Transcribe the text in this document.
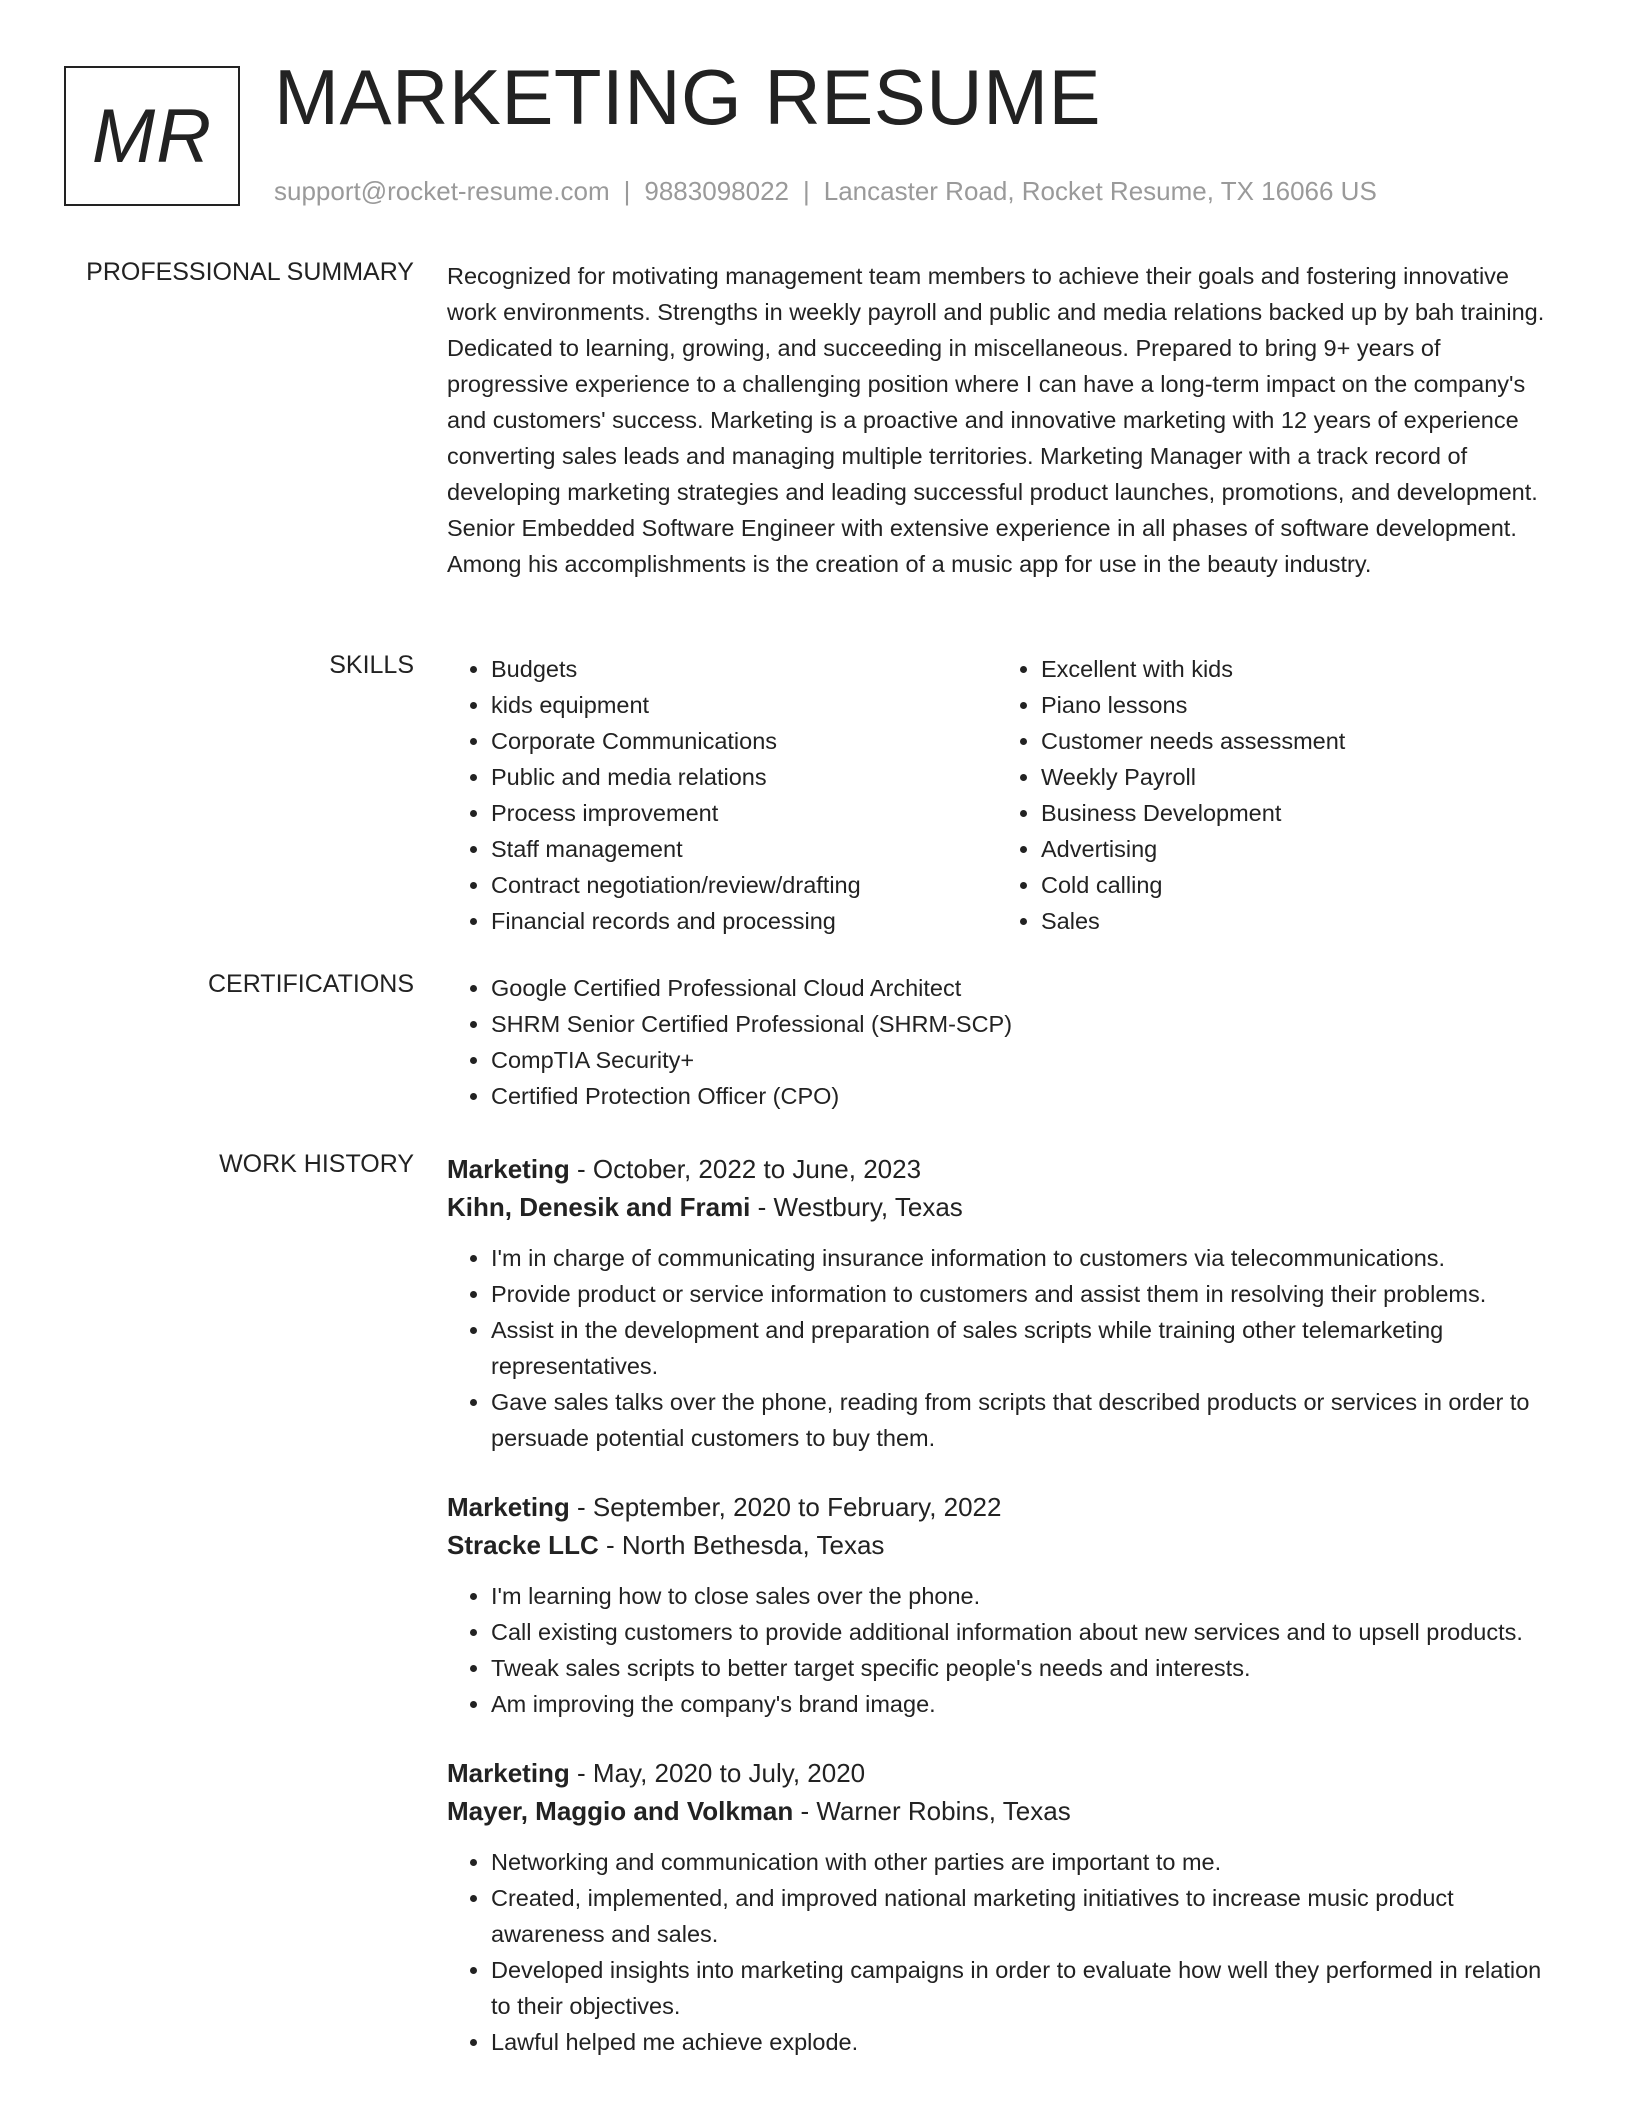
MR MARKETING RESUME
support@rocket-resume.com | 9883098022 | Lancaster Road, Rocket Resume, TX 16066 US
PROFESSIONAL SUMMARY Recognized for motivating management team members to achieve their goals and fostering innovative work environments. Strengths in weekly payroll and public and media relations backed up by bah training. Dedicated to learning, growing, and succeeding in miscellaneous. Prepared to bring 9+ years of progressive experience to a challenging position where I can have a long-term impact on the company's and customers' success. Marketing is a proactive and innovative marketing with 12 years of experience converting sales leads and managing multiple territories. Marketing Manager with a track record of developing marketing strategies and leading successful product launches, promotions, and development. Senior Embedded Software Engineer with extensive experience in all phases of software development. Among his accomplishments is the creation of a music app for use in the beauty industry.
SKILLS	• Budgets
• kids equipment
• Corporate Communications
• Public and media relations
• Process improvement
• Staff management
• Contract negotiation/review/drafting
• Financial records and processing
• Excellent with kids
• Piano lessons
• Customer needs assessment
• Weekly Payroll
• Business Development
• Advertising
• Cold calling
• Sales
CERTIFICATIONS	• Google Certified Professional Cloud Architect
• SHRM Senior Certified Professional (SHRM-SCP)
• CompTIA Security+
• Certified Protection Officer (CPO)
WORK HISTORY Marketing - October, 2022 to June, 2023
Kihn, Denesik and Frami - Westbury, Texas
• I'm in charge of communicating insurance information to customers via telecommunications.
• Provide product or service information to customers and assist them in resolving their problems.
• Assist in the development and preparation of sales scripts while training other telemarketing representatives.
• Gave sales talks over the phone, reading from scripts that described products or services in order to persuade potential customers to buy them.
Marketing - September, 2020 to February, 2022
Stracke LLC - North Bethesda, Texas
• I'm learning how to close sales over the phone.
• Call existing customers to provide additional information about new services and to upsell products.
• Tweak sales scripts to better target specific people's needs and interests.
• Am improving the company's brand image.
Marketing - May, 2020 to July, 2020
Mayer, Maggio and Volkman - Warner Robins, Texas
• Networking and communication with other parties are important to me.
• Created, implemented, and improved national marketing initiatives to increase music product awareness and sales.
• Developed insights into marketing campaigns in order to evaluate how well they performed in relation to their objectives.
• Lawful helped me achieve explode.
